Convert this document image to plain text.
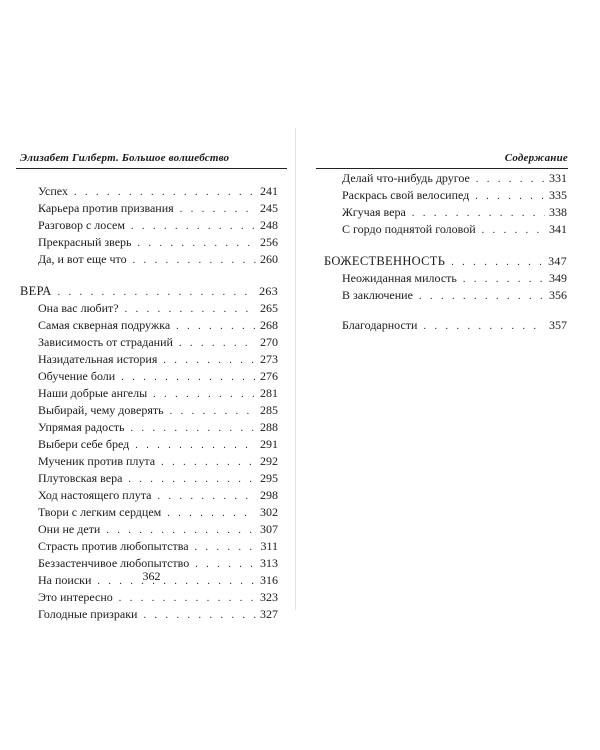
Элизабет Гилберт. Большое волшебство
Успех . . .	241
Карьера против призвания . . .	245
Разговор с лосем . . .	248
Прекрасный зверь . . .	256
Да, и вот еще что . . .	260
ВЕРА . . .	263
Она вас любит? . . .	265
Самая скверная подружка . . .	268
Зависимость от страданий . . .	270
Назидательная история . . .	273
Обучение боли . . .	276
Наши добрые ангелы . . .	281
Выбирай, чему доверять . . .	285
Упрямая радость . . .	288
Выбери себе бред . . .	291
Мученик против плута . . .	292
Плутовская вера . . .	295
Ход настоящего плута . . .	298
Твори с легким сердцем . . .	302
Они не дети . . .	307
Страсть против любопытства . . .	311
Беззастенчивое любопытство . . .	313
На поиски . . .	316
Это интересно . . .	323
Голодные призраки . . .	327
362
Содержание
Делай что-нибудь другое . . .	331
Раскрась свой велосипед . . .	335
Жгучая вера . . .	338
С гордо поднятой головой . . .	341
БОЖЕСТВЕННОСТЬ . . .	347
Неожиданная милость . . .	349
В заключение . . .	356
Благодарности . . .	357
